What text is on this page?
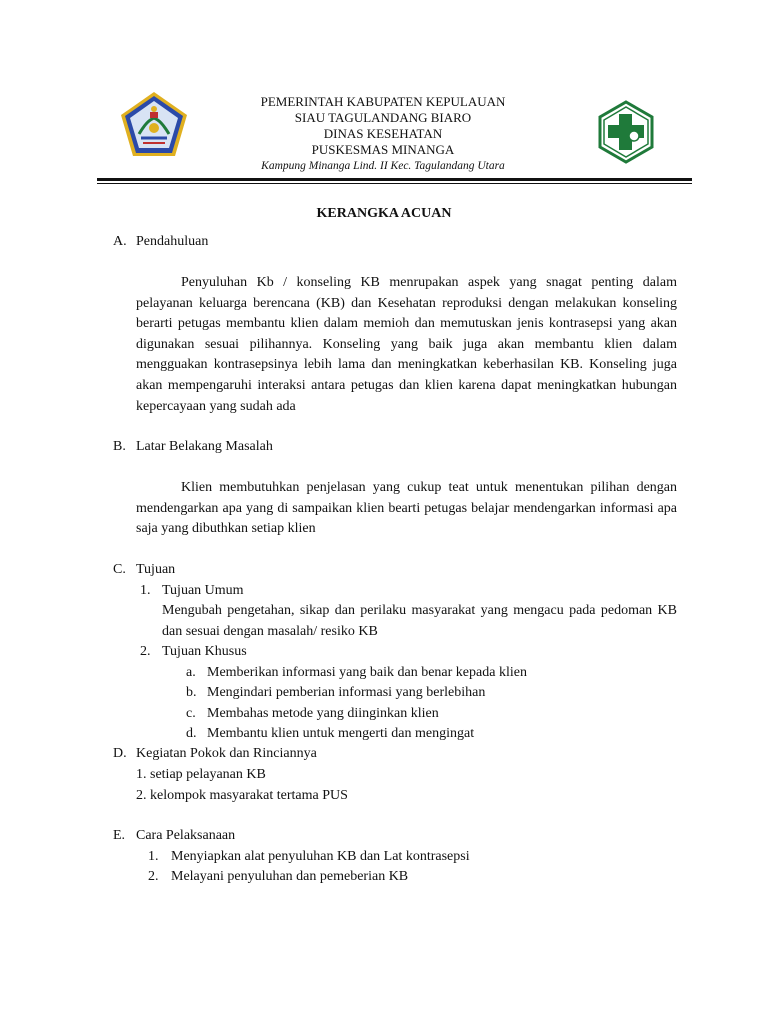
PEMERINTAH KABUPATEN KEPULAUAN
SIAU TAGULANDANG BIARO
DINAS KESEHATAN
PUSKESMAS MINANGA
Kampung Minanga Lind. II Kec. Tagulandang Utara
KERANGKA ACUAN
A. Pendahuluan
Penyuluhan Kb / konseling KB menrupakan aspek yang snagat penting dalam pelayanan keluarga berencana (KB) dan Kesehatan reproduksi dengan melakukan konseling berarti petugas membantu klien dalam memioh dan memutuskan jenis kontrasepsi yang akan digunakan sesuai pilihannya. Konseling yang baik juga akan membantu klien dalam mengguakan kontrasepsinya lebih lama dan meningkatkan keberhasilan KB. Konseling juga akan mempengaruhi interaksi antara petugas dan klien karena dapat meningkatkan hubungan kepercayaan yang sudah ada
B. Latar Belakang Masalah
Klien membutuhkan penjelasan yang cukup teat untuk menentukan pilihan dengan mendengarkan apa yang di sampaikan klien bearti petugas belajar mendengarkan informasi apa saja yang dibuthkan setiap klien
C. Tujuan
1. Tujuan Umum
Mengubah pengetahan, sikap dan perilaku masyarakat yang mengacu pada pedoman KB dan sesuai dengan masalah/ resiko KB
2. Tujuan Khusus
a. Memberikan informasi yang baik dan benar kepada klien
b. Mengindari pemberian informasi yang berlebihan
c. Membahas metode yang diinginkan klien
d. Membantu klien untuk mengerti dan mengingat
D. Kegiatan Pokok dan Rinciannya
1. setiap pelayanan KB
2. kelompok masyarakat tertama PUS
E. Cara Pelaksanaan
1. Menyiapkan alat penyuluhan KB dan Lat kontrasepsi
2. Melayani penyuluhan dan pemeberian KB
